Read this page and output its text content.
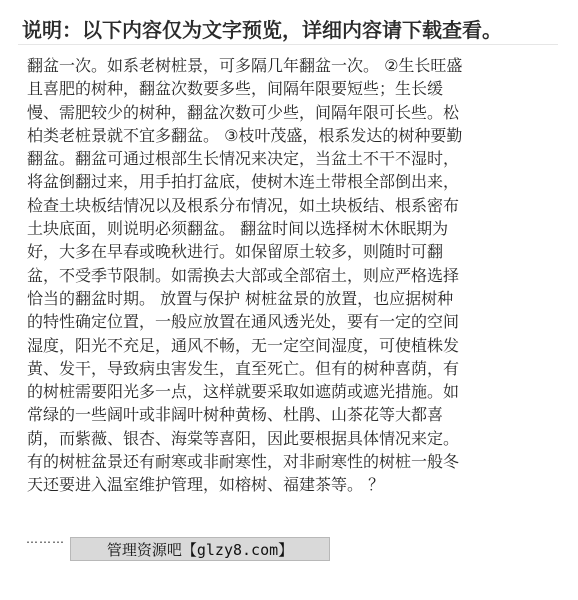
说明：以下内容仅为文字预览，详细内容请下载查看。
翻盆一次。如系老树桩景，可多隔几年翻盆一次。 ②生长旺盛
且喜肥的树种，翻盆次数要多些，间隔年限要短些；生长缓
慢、需肥较少的树种，翻盆次数可少些，间隔年限可长些。松
柏类老桩景就不宜多翻盆。 ③枝叶茂盛，根系发达的树种要勤
翻盆。翻盆可通过根部生长情况来决定，当盆土不干不湿时，
将盆倒翻过来，用手拍打盆底，使树木连土带根全部倒出来，
检查土块板结情况以及根系分布情况，如土块板结、根系密布
土块底面，则说明必须翻盆。 翻盆时间以选择树木休眠期为
好，大多在早春或晚秋进行。如保留原土较多，则随时可翻
盆，不受季节限制。如需换去大部或全部宿土，则应严格选择
恰当的翻盆时期。 放置与保护 树桩盆景的放置，也应据树种
的特性确定位置，一般应放置在通风透光处，要有一定的空间
湿度，阳光不充足，通风不畅，无一定空间湿度，可使植株发
黄、发干，导致病虫害发生，直至死亡。但有的树种喜荫，有
的树桩需要阳光多一点，这样就要采取如遮荫或遮光措施。如
常绿的一些阔叶或非阔叶树种黄杨、杜鹃、山茶花等大都喜
荫，而紫薇、银杏、海棠等喜阳，因此要根据具体情况来定。
有的树桩盆景还有耐寒或非耐寒性，对非耐寒性的树桩一般冬
天还要进入温室维护管理，如榕树、福建茶等。 ？
………
管理资源吧【glzy8.com】
